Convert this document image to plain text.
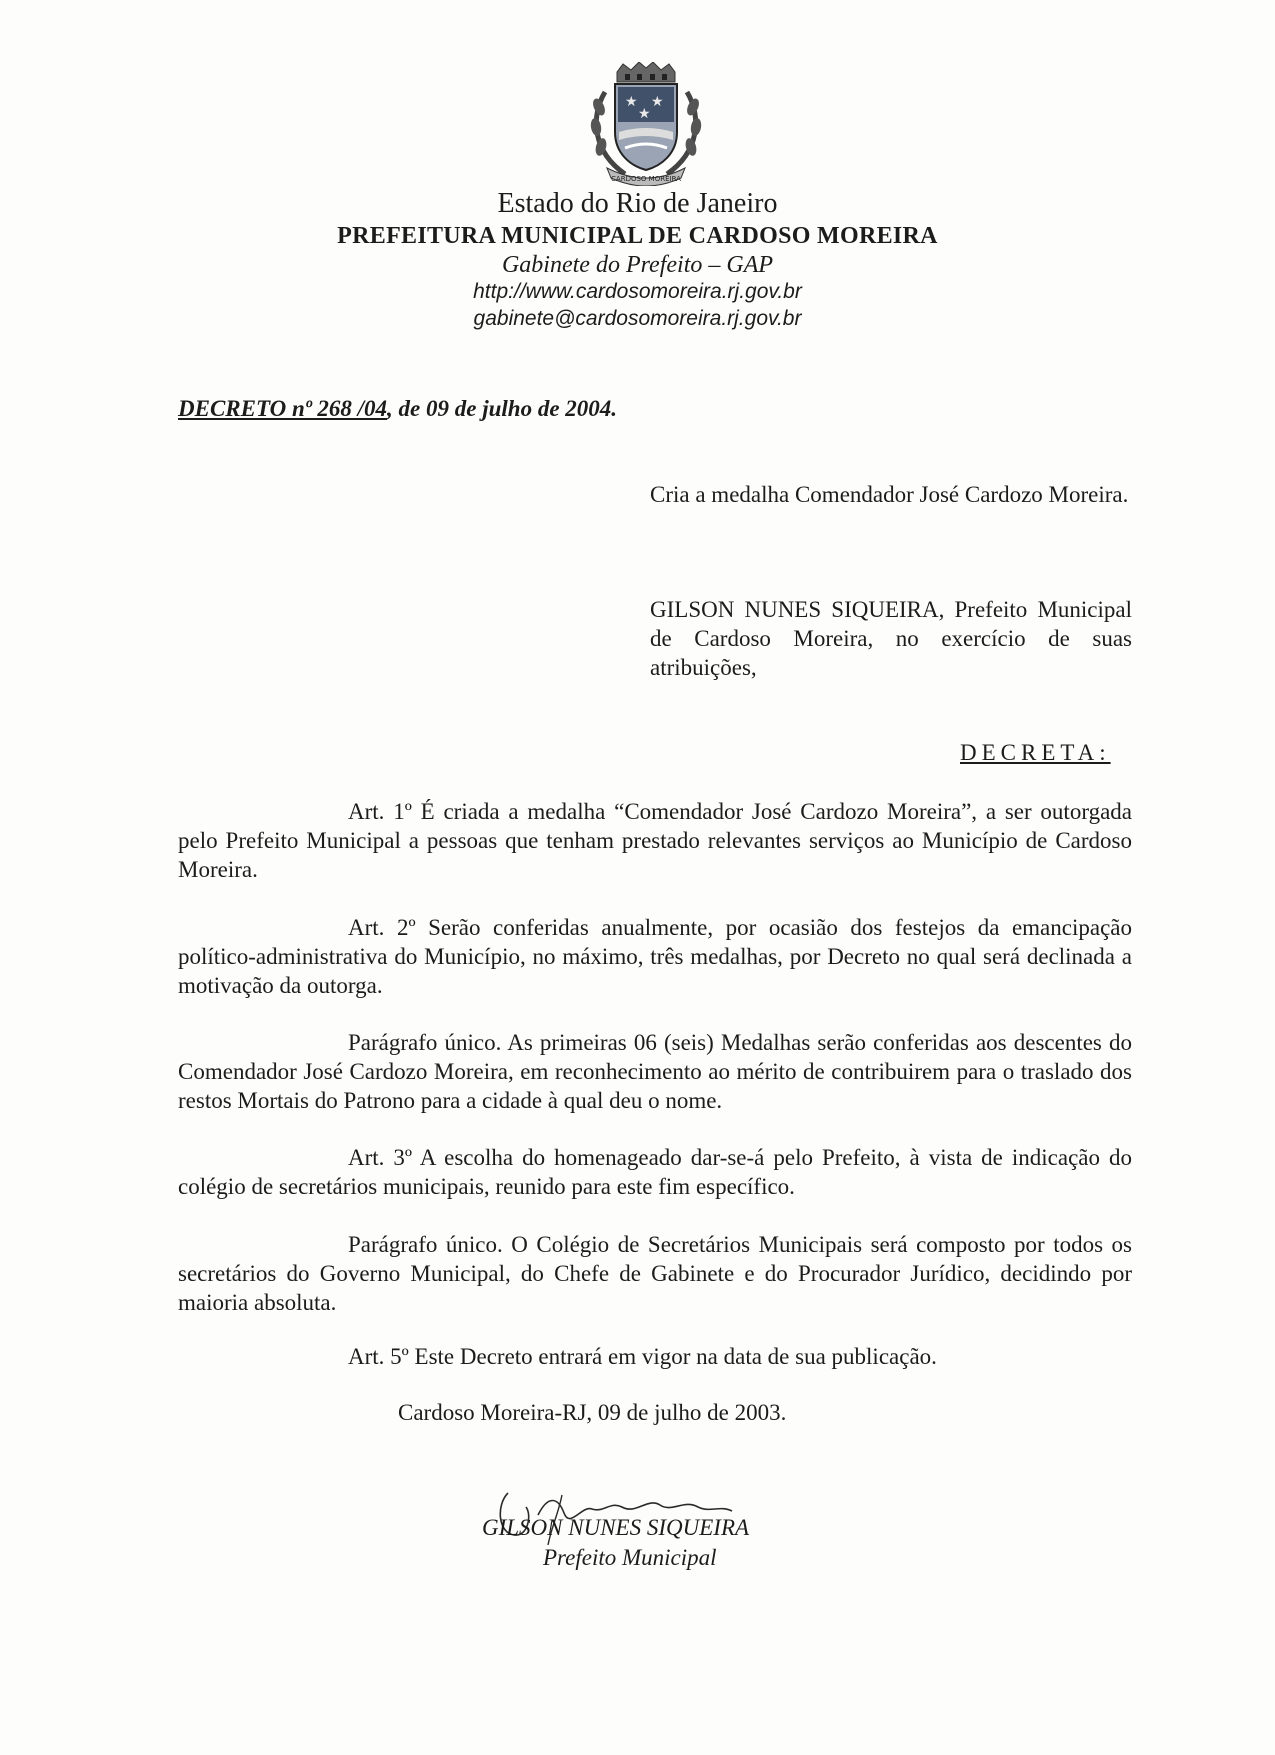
★ ★
★
CARDOSO MOREIRA
Estado do Rio de Janeiro
PREFEITURA MUNICIPAL DE CARDOSO MOREIRA
Gabinete do Prefeito – GAP
http://www.cardosomoreira.rj.gov.br
gabinete@cardosomoreira.rj.gov.br
DECRETO nº 268 /04, de 09 de julho de 2004.
Cria a medalha Comendador José Cardozo Moreira.
GILSON NUNES SIQUEIRA, Prefeito Municipal de Cardoso Moreira, no exercício de suas atribuições,
DECRETA:
Art. 1º É criada a medalha “Comendador José Cardozo Moreira”, a ser outorgada pelo Prefeito Municipal a pessoas que tenham prestado relevantes serviços ao Município de Cardoso Moreira.
Art. 2º Serão conferidas anualmente, por ocasião dos festejos da emancipação político-administrativa do Município, no máximo, três medalhas, por Decreto no qual será declinada a motivação da outorga.
Parágrafo único. As primeiras 06 (seis) Medalhas serão conferidas aos descentes do Comendador José Cardozo Moreira, em reconhecimento ao mérito de contribuirem para o traslado dos restos Mortais do Patrono para a cidade à qual deu o nome.
Art. 3º A escolha do homenageado dar-se-á pelo Prefeito, à vista de indicação do colégio de secretários municipais, reunido para este fim específico.
Parágrafo único. O Colégio de Secretários Municipais será composto por todos os secretários do Governo Municipal, do Chefe de Gabinete e do Procurador Jurídico, decidindo por maioria absoluta.
Art. 5º Este Decreto entrará em vigor na data de sua publicação.
Cardoso Moreira-RJ, 09 de julho de 2003.
GILSON NUNES SIQUEIRA
Prefeito Municipal
